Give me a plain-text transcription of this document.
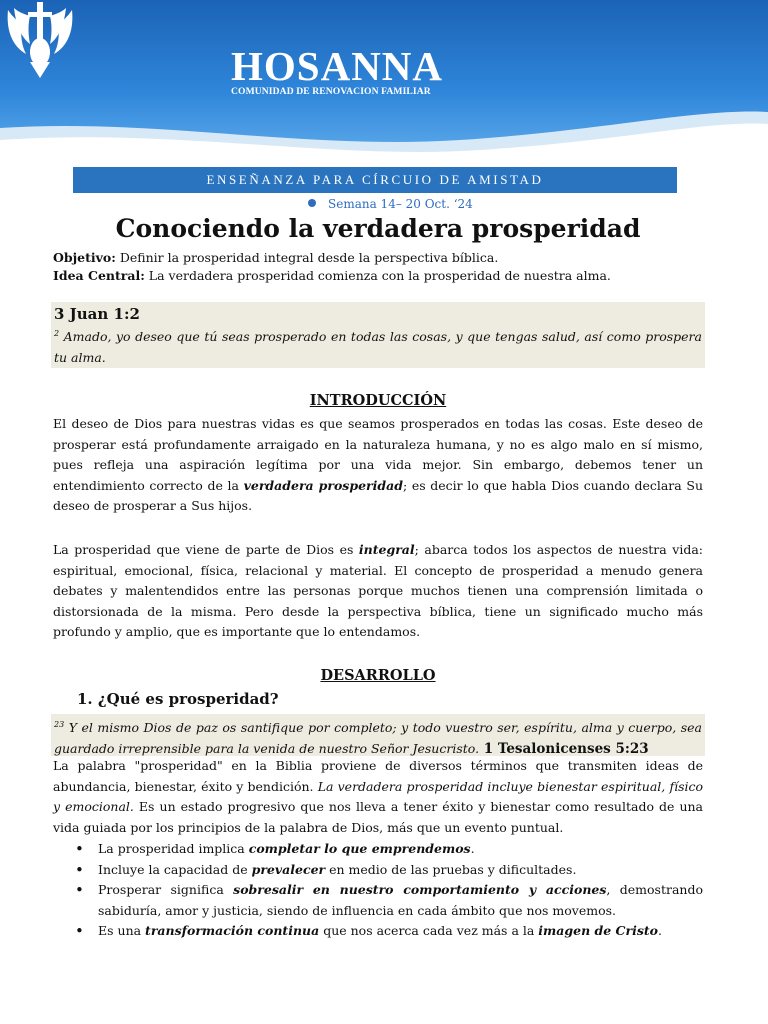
HOSANNA
COMUNIDAD DE RENOVACION FAMILIAR
ENSEÑANZA PARA CÍRCUIO DE AMISTAD
Semana 14– 20 Oct. ‘24
Conociendo la verdadera prosperidad
Objetivo: Definir la prosperidad integral desde la perspectiva bíblica.
Idea Central: La verdadera prosperidad comienza con la prosperidad de nuestra alma.
3 Juan 1:2
$^2$ Amado, yo deseo que tú seas prosperado en todas las cosas, y que tengas salud, así como prospera tu alma.
INTRODUCCIÓN
El deseo de Dios para nuestras vidas es que seamos prosperados en todas las cosas. Este deseo de prosperar está profundamente arraigado en la naturaleza humana, y no es algo malo en sí mismo, pues refleja una aspiración legítima por una vida mejor. Sin embargo, debemos tener un entendimiento correcto de la verdadera prosperidad; es decir lo que habla Dios cuando declara Su deseo de prosperar a Sus hijos.
La prosperidad que viene de parte de Dios es integral; abarca todos los aspectos de nuestra vida: espiritual, emocional, física, relacional y material. El concepto de prosperidad a menudo genera debates y malentendidos entre las personas porque muchos tienen una comprensión limitada o distorsionada de la misma. Pero desde la perspectiva bíblica, tiene un significado mucho más profundo y amplio, que es importante que lo entendamos.
DESARROLLO
1. ¿Qué es prosperidad?
$^{23}$ Y el mismo Dios de paz os santifique por completo; y todo vuestro ser, espíritu, alma y cuerpo, sea guardado irreprensible para la venida de nuestro Señor Jesucristo. 1 Tesalonicenses 5:23
La palabra "prosperidad" en la Biblia proviene de diversos términos que transmiten ideas de abundancia, bienestar, éxito y bendición. La verdadera prosperidad incluye bienestar espiritual, físico y emocional. Es un estado progresivo que nos lleva a tener éxito y bienestar como resultado de una vida guiada por los principios de la palabra de Dios, más que un evento puntual.
• La prosperidad implica completar lo que emprendemos.
• Incluye la capacidad de prevalecer en medio de las pruebas y dificultades.
• Prosperar significa sobresalir en nuestro comportamiento y acciones, demostrando sabiduría, amor y justicia, siendo de influencia en cada ámbito que nos movemos.
• Es una transformación continua que nos acerca cada vez más a la imagen de Cristo.
